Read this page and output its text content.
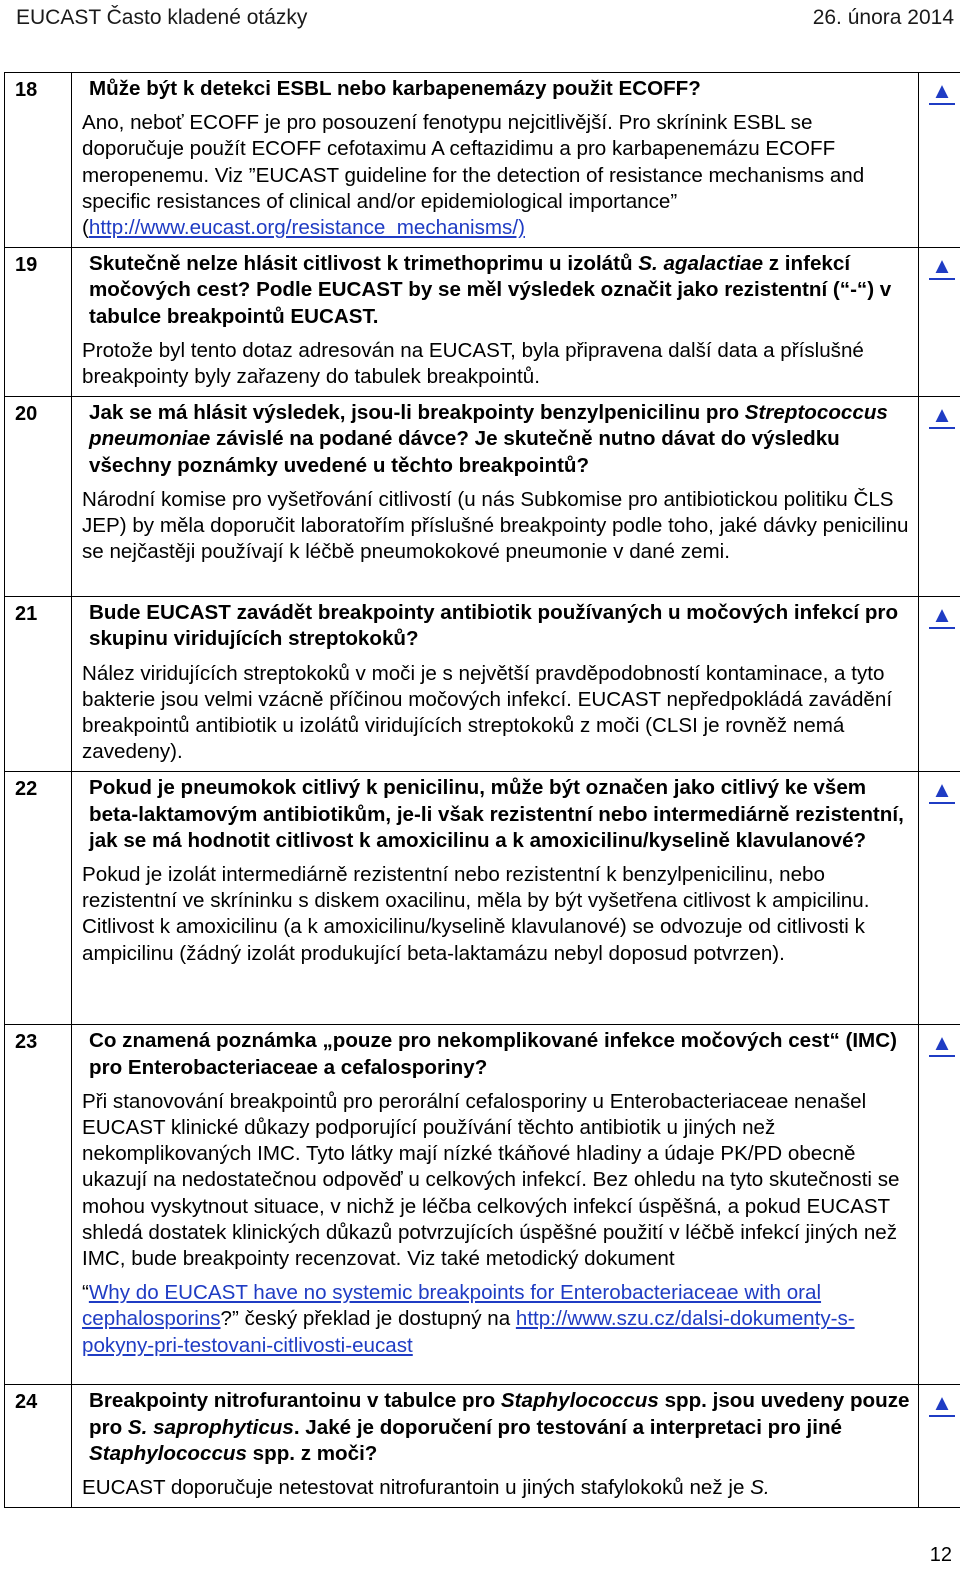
EUCAST Často kladené otázky	26. února 2014
18	Může být k detekci ESBL nebo karbapenemázy použit ECOFF?

Ano, neboť ECOFF je pro posouzení fenotypu nejcitlivější. Pro skrínink ESBL se doporučuje použít ECOFF cefotaximu A ceftazidimu a pro karbapenemázu ECOFF meropenemu. Viz ”EUCAST guideline for the detection of resistance mechanisms and specific resistances of clinical and/or epidemiological importance” (http://www.eucast.org/resistance_mechanisms/)	▲
19	Skutečně nelze hlásit citlivost k trimethoprimu u izolátů S. agalactiae z infekcí močových cest? Podle EUCAST by se měl výsledek označit jako rezistentní (“-“) v tabulce breakpointů EUCAST.

Protože byl tento dotaz adresován na EUCAST, byla připravena další data a příslušné breakpointy byly zařazeny do tabulek breakpointů.	▲
20	Jak se má hlásit výsledek, jsou-li breakpointy benzylpenicilinu pro Streptococcus pneumoniae závislé na podané dávce? Je skutečně nutno dávat do výsledku všechny poznámky uvedené u těchto breakpointů?

Národní komise pro vyšetřování citlivostí (u nás Subkomise pro antibiotickou politiku ČLS JEP) by měla doporučit laboratořím příslušné breakpointy podle toho, jaké dávky penicilinu se nejčastěji používají k léčbě pneumokokové pneumonie v dané zemi.	▲
21	Bude EUCAST zavádět breakpointy antibiotik používaných u močových infekcí pro skupinu viridujících streptokoků?

Nález viridujících streptokoků v moči je s největší pravděpodobností kontaminace, a tyto bakterie jsou velmi vzácně příčinou močových infekcí. EUCAST nepředpokládá zavádění breakpointů antibiotik u izolátů viridujících streptokoků z moči (CLSI je rovněž nemá zavedeny).	▲
22	Pokud je pneumokok citlivý k penicilinu, může být označen jako citlivý ke všem beta-laktamovým antibiotikům, je-li však rezistentní nebo intermediárně rezistentní, jak se má hodnotit citlivost k amoxicilinu a k amoxicilinu/kyselině klavulanové?

Pokud je izolát intermediárně rezistentní nebo rezistentní k benzylpenicilinu, nebo rezistentní ve skríninku s diskem oxacilinu, měla by být vyšetřena citlivost k ampicilinu. Citlivost k amoxicilinu (a k amoxicilinu/kyselině klavulanové) se odvozuje od citlivosti k ampicilinu (žádný izolát produkující beta-laktamázu nebyl doposud potvrzen).	▲
23	Co znamená poznámka „pouze pro nekomplikované infekce močových cest“ (IMC) pro Enterobacteriaceae a cefalosporiny?

Při stanovování breakpointů pro perorální cefalosporiny u Enterobacteriaceae nenašel EUCAST klinické důkazy podporující používání těchto antibiotik u jiných než nekomplikovaných IMC. Tyto látky mají nízké tkáňové hladiny a údaje PK/PD obecně ukazují na nedostatečnou odpověď u celkových infekcí. Bez ohledu na tyto skutečnosti se mohou vyskytnout situace, v nichž je léčba celkových infekcí úspěšná, a pokud EUCAST shledá dostatek klinických důkazů potvrzujících úspěšné použití v léčbě infekcí jiných než IMC, bude breakpointy recenzovat. Viz také metodický dokument

“Why do EUCAST have no systemic breakpoints for Enterobacteriaceae with oral cephalosporins?” český překlad je dostupný na http://www.szu.cz/dalsi-dokumenty-s-pokyny-pri-testovani-citlivosti-eucast	▲
24	Breakpointy nitrofurantoinu v tabulce pro Staphylococcus spp. jsou uvedeny pouze pro S. saprophyticus. Jaké je doporučení pro testování a interpretaci pro jiné Staphylococcus spp. z moči?

EUCAST doporučuje netestovat nitrofurantoin u jiných stafylokoků než je S.	▲
12
